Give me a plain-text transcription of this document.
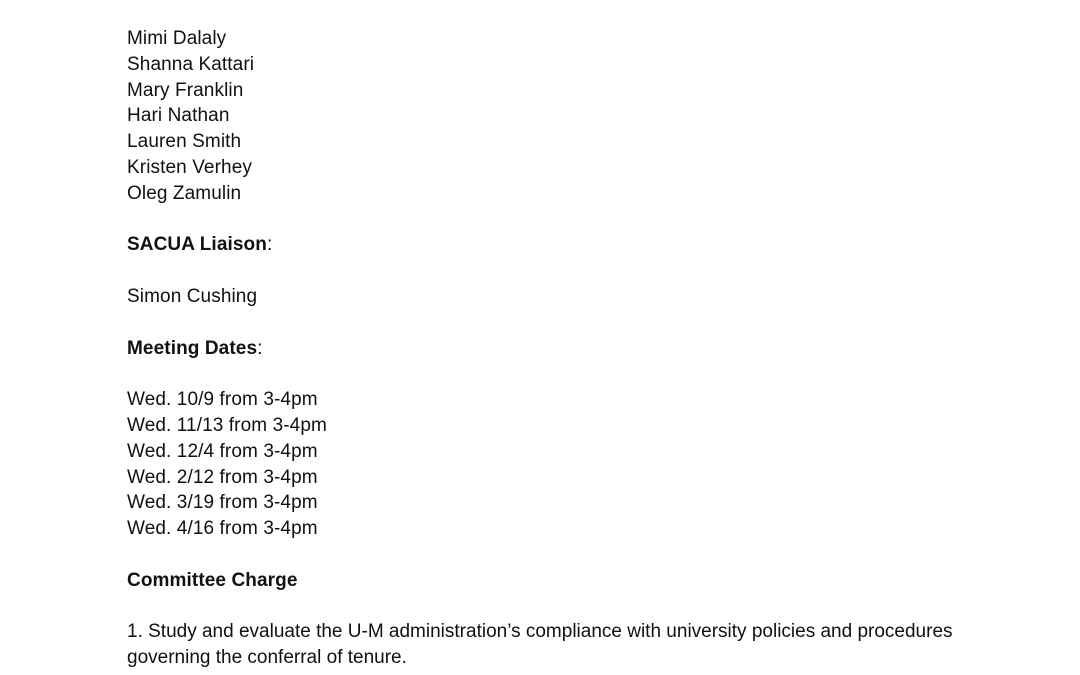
Mimi Dalaly
Shanna Kattari
Mary Franklin
Hari Nathan
Lauren Smith
Kristen Verhey
Oleg Zamulin
SACUA Liaison:
Simon Cushing
Meeting Dates:
Wed. 10/9 from 3-4pm
Wed. 11/13 from 3-4pm
Wed. 12/4 from 3-4pm
Wed. 2/12 from 3-4pm
Wed. 3/19 from 3-4pm
Wed. 4/16 from 3-4pm
Committee Charge
1. Study and evaluate the U-M administration’s compliance with university policies and procedures governing the conferral of tenure.
